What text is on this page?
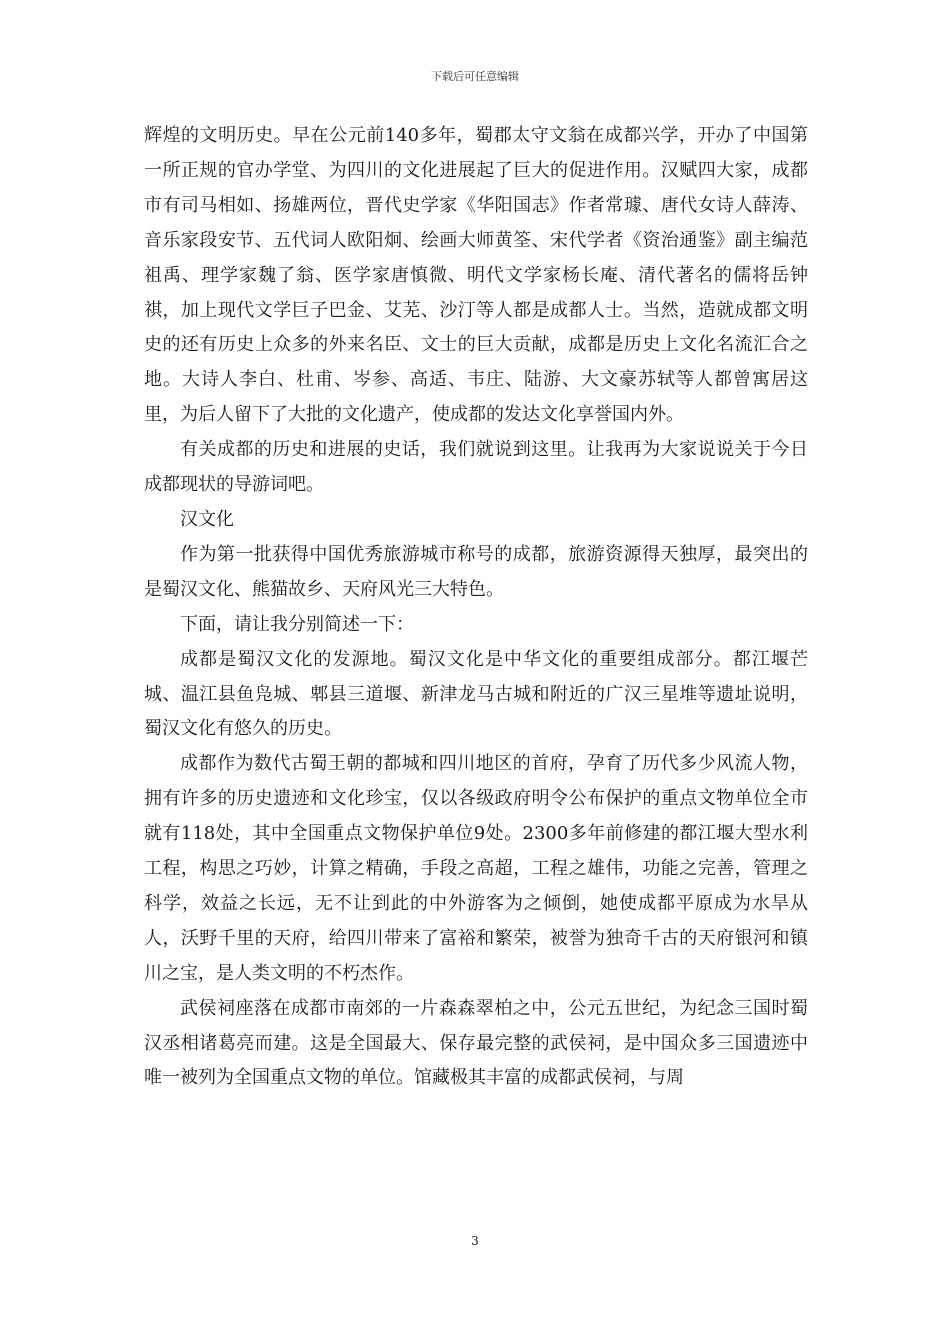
下载后可任意编辑

辉煌的文明历史。早在公元前140多年，蜀郡太守文翁在成都兴学，开办了中国第一所正规的官办学堂、为四川的文化进展起了巨大的促进作用。汉赋四大家，成都市有司马相如、扬雄两位，晋代史学家《华阳国志》作者常璩、唐代女诗人薛涛、音乐家段安节、五代词人欧阳炯、绘画大师黄筌、宋代学者《资治通鉴》副主编范祖禹、理学家魏了翁、医学家唐慎微、明代文学家杨长庵、清代著名的儒将岳钟祺，加上现代文学巨子巴金、艾芜、沙汀等人都是成都人士。当然，造就成都文明史的还有历史上众多的外来名臣、文士的巨大贡献，成都是历史上文化名流汇合之地。大诗人李白、杜甫、岑参、高适、韦庄、陆游、大文豪苏轼等人都曾寓居这里，为后人留下了大批的文化遗产，使成都的发达文化享誉国内外。

有关成都的历史和进展的史话，我们就说到这里。让我再为大家说说关于今日成都现状的导游词吧。

汉文化

作为第一批获得中国优秀旅游城市称号的成都，旅游资源得天独厚，最突出的是蜀汉文化、熊猫故乡、天府风光三大特色。

下面，请让我分别简述一下：

成都是蜀汉文化的发源地。蜀汉文化是中华文化的重要组成部分。都江堰芒城、温江县鱼凫城、郫县三道堰、新津龙马古城和附近的广汉三星堆等遗址说明，蜀汉文化有悠久的历史。

成都作为数代古蜀王朝的都城和四川地区的首府，孕育了历代多少风流人物，拥有许多的历史遗迹和文化珍宝，仅以各级政府明令公布保护的重点文物单位全市就有118处，其中全国重点文物保护单位9处。2300多年前修建的都江堰大型水利工程，构思之巧妙，计算之精确，手段之高超，工程之雄伟，功能之完善，管理之科学，效益之长远，无不让到此的中外游客为之倾倒，她使成都平原成为水旱从人，沃野千里的天府，给四川带来了富裕和繁荣，被誉为独奇千古的天府银河和镇川之宝，是人类文明的不朽杰作。

武侯祠座落在成都市南郊的一片森森翠柏之中，公元五世纪，为纪念三国时蜀汉丞相诸葛亮而建。这是全国最大、保存最完整的武侯祠，是中国众多三国遗迹中唯一被列为全国重点文物的单位。馆藏极其丰富的成都武侯祠，与周

3
